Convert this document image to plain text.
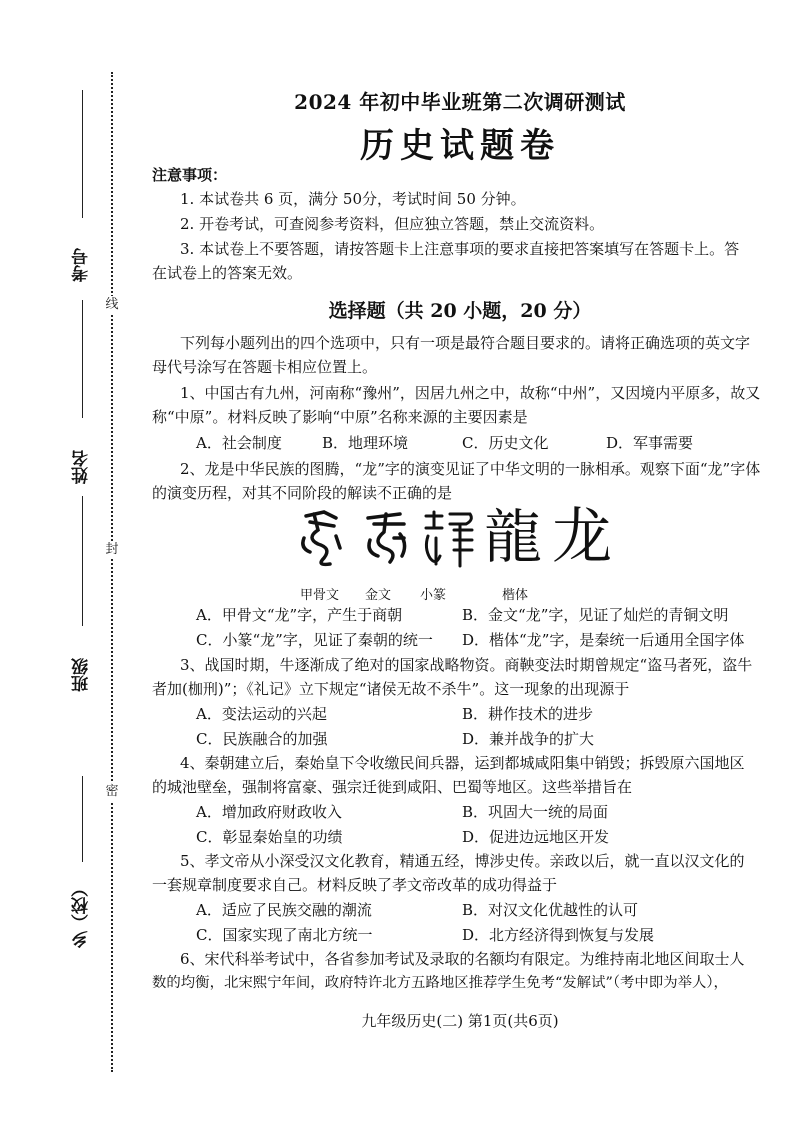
线
封
密
考号
姓名
班级
乡（校）
2024 年初中毕业班第二次调研测试
历史试题卷
注意事项：
1. 本试卷共 6 页，满分 50分，考试时间 50 分钟。
2. 开卷考试，可查阅参考资料，但应独立答题，禁止交流资料。
3. 本试卷上不要答题，请按答题卡上注意事项的要求直接把答案填写在答题卡上。答
在试卷上的答案无效。
选择题（共 20 小题，20 分）
下列每小题列出的四个选项中，只有一项是最符合题目要求的。请将正确选项的英文字
母代号涂写在答题卡相应位置上。
1、中国古有九州，河南称“豫州”，因居九州之中，故称“中州”，又因境内平原多，故又
称“中原”。材料反映了影响“中原”名称来源的主要因素是
A．社会制度	B．地理环境	C．历史文化	D．军事需要
2、龙是中华民族的图腾，“龙”字的演变见证了中华文明的一脉相承。观察下面“龙”字体
的演变历程，对其不同阶段的解读不正确的是
龍 龙
甲骨文 金文 小篆	楷体
A．甲骨文“龙”字，产生于商朝	B．金文“龙”字，见证了灿烂的青铜文明
C．小篆“龙”字，见证了秦朝的统一 D．楷体“龙”字，是秦统一后通用全国字体
3、战国时期，牛逐渐成了绝对的国家战略物资。商鞅变法时期曾规定“盗马者死，盗牛
者加(枷刑)”；《礼记》立下规定“诸侯无故不杀牛”。这一现象的出现源于
A．变法运动的兴起	B．耕作技术的进步
C．民族融合的加强	D．兼并战争的扩大
4、秦朝建立后，秦始皇下令收缴民间兵器，运到都城咸阳集中销毁；拆毁原六国地区
的城池壁垒，强制将富豪、强宗迁徙到咸阳、巴蜀等地区。这些举措旨在
A．增加政府财政收入	B．巩固大一统的局面
C．彰显秦始皇的功绩	D．促进边远地区开发
5、孝文帝从小深受汉文化教育，精通五经，博涉史传。亲政以后，就一直以汉文化的
一套规章制度要求自己。材料反映了孝文帝改革的成功得益于
A．适应了民族交融的潮流	B．对汉文化优越性的认可
C．国家实现了南北方统一	D．北方经济得到恢复与发展
6、宋代科举考试中，各省参加考试及录取的名额均有限定。为维持南北地区间取士人
数的均衡，北宋熙宁年间，政府特许北方五路地区推荐学生免考“发解试”（考中即为举人），
九年级历史(二) 第1页(共6页)
